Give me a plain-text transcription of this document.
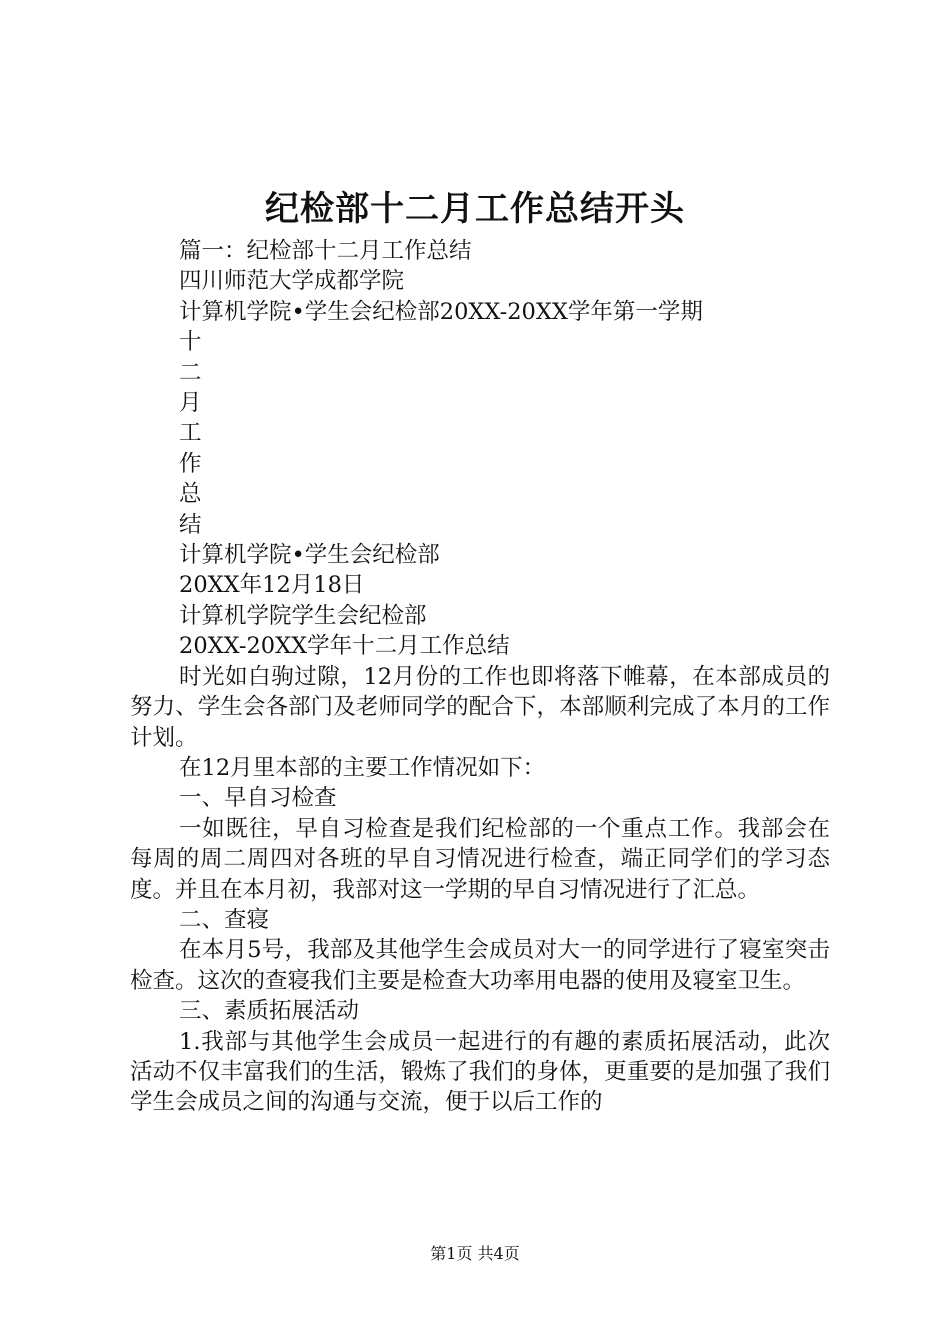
纪检部十二月工作总结开头

篇一：纪检部十二月工作总结

四川师范大学成都学院

计算机学院•学生会纪检部20XX-20XX学年第一学期

十

二

月

工

作

总

结

计算机学院•学生会纪检部

20XX年12月18日

计算机学院学生会纪检部

20XX-20XX学年十二月工作总结

时光如白驹过隙，12月份的工作也即将落下帷幕，在本部成员的努力、学生会各部门及老师同学的配合下，本部顺利完成了本月的工作计划。

在12月里本部的主要工作情况如下：

一、早自习检查

一如既往，早自习检查是我们纪检部的一个重点工作。我部会在每周的周二周四对各班的早自习情况进行检查，端正同学们的学习态度。并且在本月初，我部对这一学期的早自习情况进行了汇总。

二、查寝

在本月5号，我部及其他学生会成员对大一的同学进行了寝室突击检查。这次的查寝我们主要是检查大功率用电器的使用及寝室卫生。

三、素质拓展活动

1.我部与其他学生会成员一起进行的有趣的素质拓展活动，此次活动不仅丰富我们的生活，锻炼了我们的身体，更重要的是加强了我们学生会成员之间的沟通与交流，便于以后工作的

第1页 共4页
